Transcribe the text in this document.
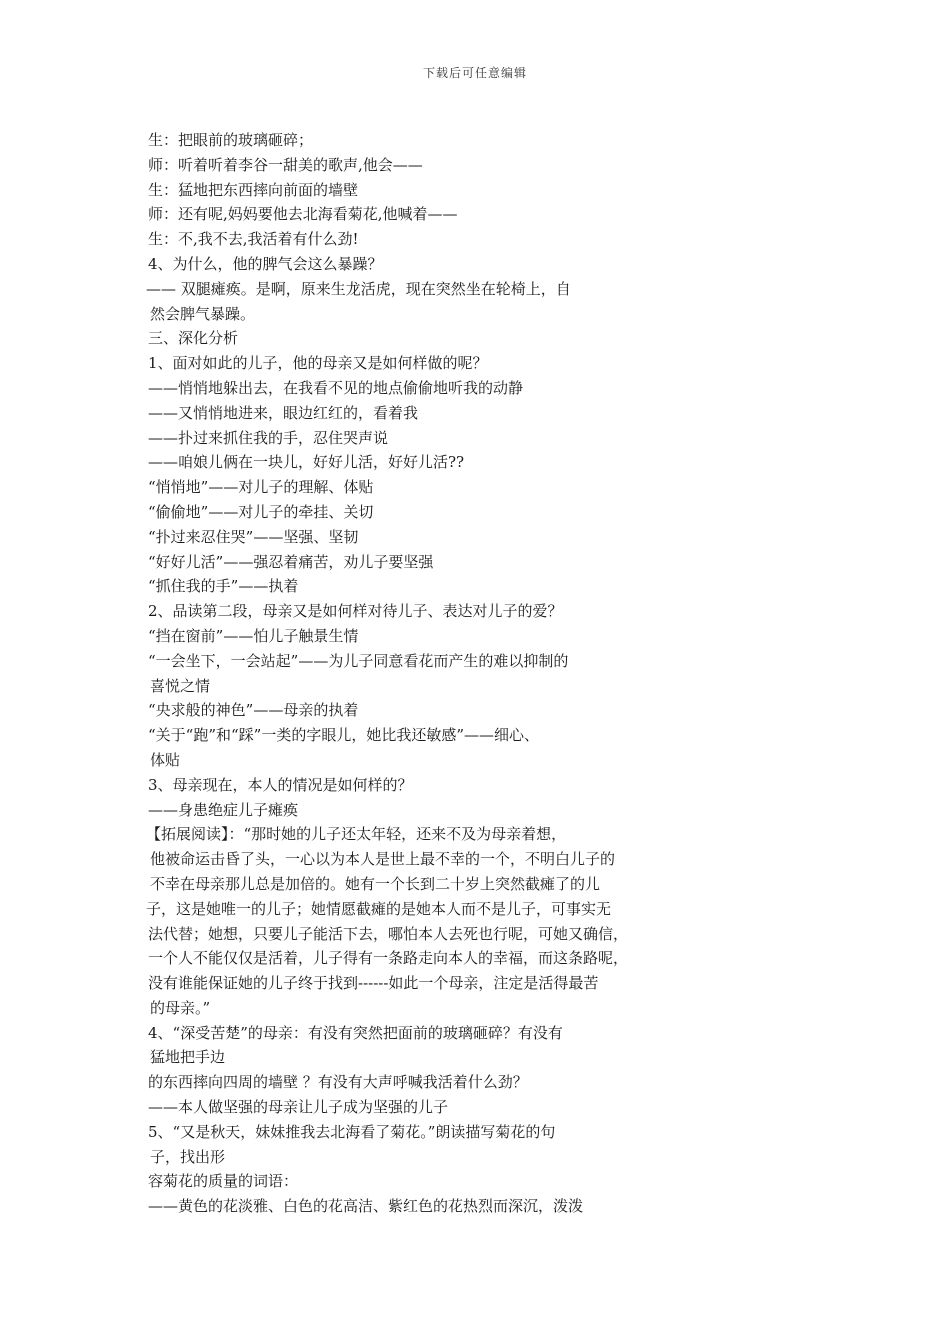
下载后可任意编辑
生：把眼前的玻璃砸碎；
师：听着听着李谷一甜美的歌声,他会——
生：猛地把东西摔向前面的墙壁
师：还有呢,妈妈要他去北海看菊花,他喊着——
生：不,我不去,我活着有什么劲!
4、为什么，他的脾气会这么暴躁？
—— 双腿瘫痪。是啊，原来生龙活虎，现在突然坐在轮椅上，自
然会脾气暴躁。
三、深化分析
1、面对如此的儿子，他的母亲又是如何样做的呢？
——悄悄地躲出去，在我看不见的地点偷偷地听我的动静
——又悄悄地进来，眼边红红的，看着我
——扑过来抓住我的手，忍住哭声说
——咱娘儿俩在一块儿，好好儿活，好好儿活??
“悄悄地”——对儿子的理解、体贴
“偷偷地”——对儿子的牵挂、关切
“扑过来忍住哭”——坚强、坚韧
“好好儿活”——强忍着痛苦，劝儿子要坚强
“抓住我的手”——执着
2、品读第二段，母亲又是如何样对待儿子、表达对儿子的爱？
“挡在窗前”——怕儿子触景生情
“一会坐下，一会站起”——为儿子同意看花而产生的难以抑制的
喜悦之情
“央求般的神色”——母亲的执着
“关于“跑”和“踩”一类的字眼儿，她比我还敏感”——细心、
体贴
3、母亲现在，本人的情况是如何样的？
——身患绝症儿子瘫痪
【拓展阅读】：“那时她的儿子还太年轻，还来不及为母亲着想，
他被命运击昏了头，一心以为本人是世上最不幸的一个，不明白儿子的
不幸在母亲那儿总是加倍的。她有一个长到二十岁上突然截瘫了的儿
子，这是她唯一的儿子；她情愿截瘫的是她本人而不是儿子，可事实无
法代替；她想，只要儿子能活下去，哪怕本人去死也行呢，可她又确信，
一个人不能仅仅是活着，儿子得有一条路走向本人的幸福，而这条路呢，
没有谁能保证她的儿子终于找到------如此一个母亲，注定是活得最苦
的母亲。”
4、“深受苦楚”的母亲：有没有突然把面前的玻璃砸碎？有没有
猛地把手边
的东西摔向四周的墙壁 ？有没有大声呼喊我活着什么劲？
——本人做坚强的母亲让儿子成为坚强的儿子
5、“又是秋天，妹妹推我去北海看了菊花。”朗读描写菊花的句
子，找出形
容菊花的质量的词语：
——黄色的花淡雅、白色的花高洁、紫红色的花热烈而深沉，泼泼
